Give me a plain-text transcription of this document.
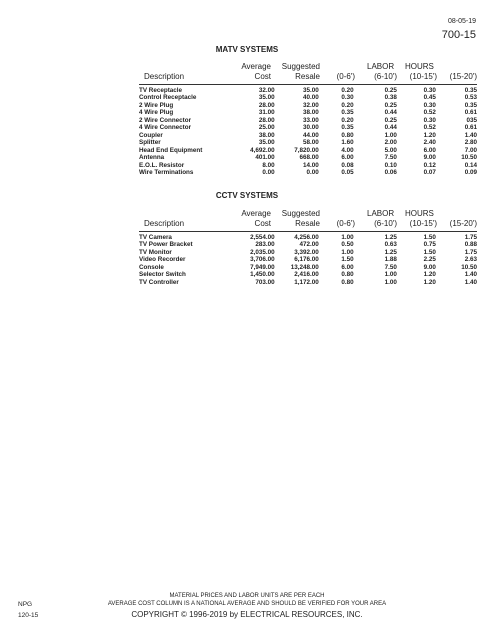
08-05-19
700-15
MATV SYSTEMS
Average	Suggested	LABOR HOURS
Description	Cost	Resale	(0-6')	(6-10')	(10-15')	(15-20')
TV Receptacle	32.00	35.00	0.20	0.25	0.30	0.35
Control Receptacle	35.00	40.00	0.30	0.38	0.45	0.53
2 Wire Plug	28.00	32.00	0.20	0.25	0.30	0.35
4 Wire Plug	31.00	38.00	0.35	0.44	0.52	0.61
2 Wire Connector	28.00	33.00	0.20	0.25	0.30	035
4 Wire Connector	25.00	30.00	0.35	0.44	0.52	0.61
Coupler	38.00	44.00	0.80	1.00	1.20	1.40
Splitter	35.00	58.00	1.60	2.00	2.40	2.80
Head End Equipment	4,692.00	7,820.00	4.00	5.00	6.00	7.00
Antenna	401.00	668.00	6.00	7.50	9.00	10.50
E.O.L. Resistor	8.00	14.00	0.08	0.10	0.12	0.14
Wire Terminations	0.00	0.00	0.05	0.06	0.07	0.09
CCTV SYSTEMS
Average	Suggested	LABOR HOURS
Description	Cost	Resale	(0-6')	(6-10')	(10-15')	(15-20')
TV Camera	2,554.00	4,256.00	1.00	1.25	1.50	1.75
TV Power Bracket	283.00	472.00	0.50	0.63	0.75	0.88
TV Monitor	2,035.00	3,392.00	1.00	1.25	1.50	1.75
Video Recorder	3,706.00	6,176.00	1.50	1.88	2.25	2.63
Console	7,949.00	13,248.00	6.00	7.50	9.00	10.50
Selector Switch	1,450.00	2,416.00	0.80	1.00	1.20	1.40
TV Controller	703.00	1,172.00	0.80	1.00	1.20	1.40
MATERIAL PRICES AND LABOR UNITS ARE PER EACH
AVERAGE COST COLUMN IS A NATIONAL AVERAGE AND SHOULD BE VERIFIED FOR YOUR AREA
COPYRIGHT © 1996-2019 by ELECTRICAL RESOURCES, INC.
NPG
120-15
